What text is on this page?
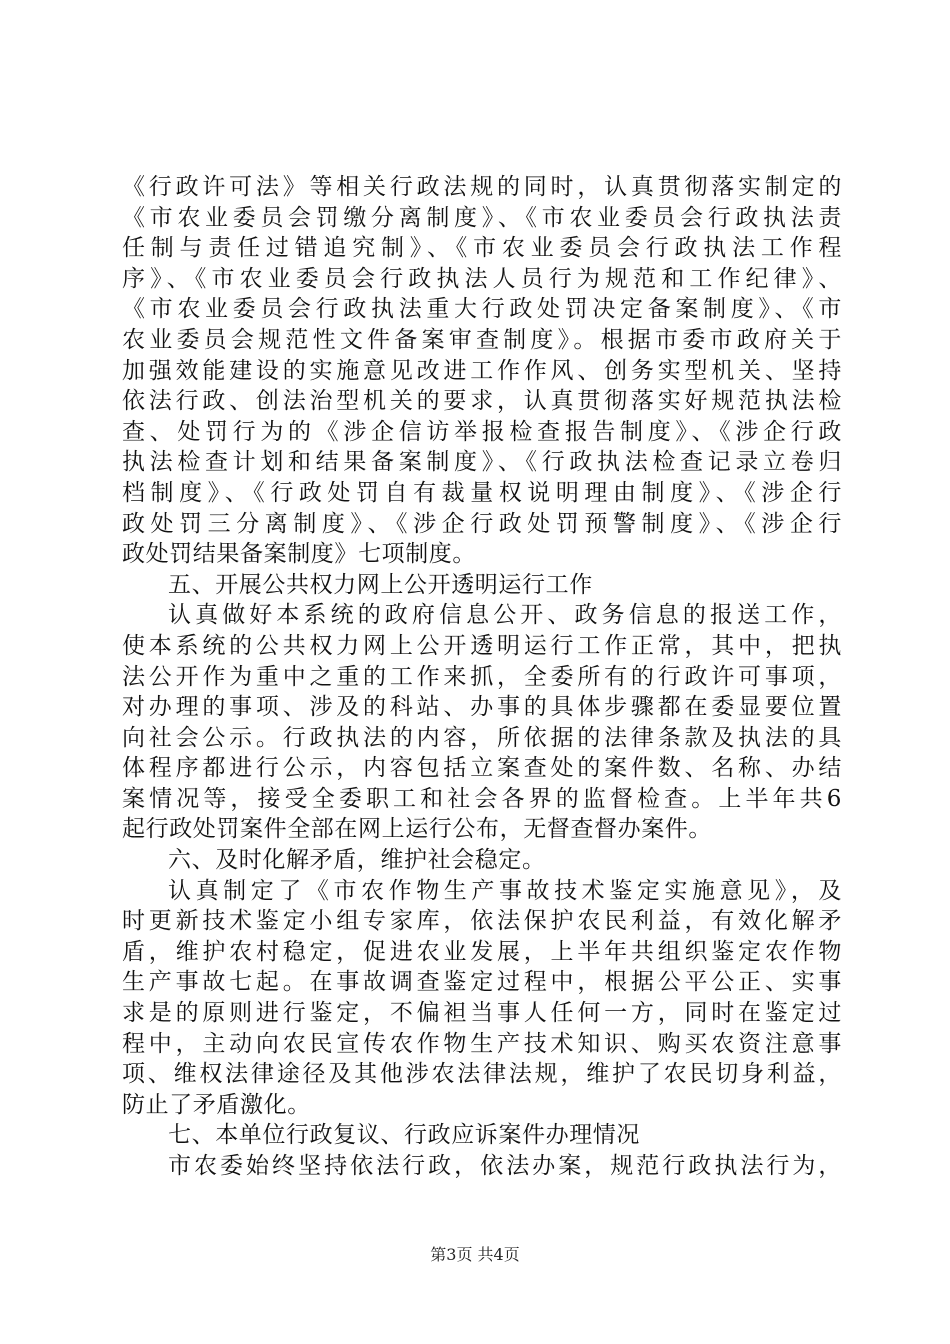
《行政许可法》等相关行政法规的同时，认真贯彻落实制定的
《市农业委员会罚缴分离制度》、《市农业委员会行政执法责
任制与责任过错追究制》、《市农业委员会行政执法工作程
序》、《市农业委员会行政执法人员行为规范和工作纪律》、
《市农业委员会行政执法重大行政处罚决定备案制度》、《市
农业委员会规范性文件备案审查制度》。根据市委市政府关于
加强效能建设的实施意见改进工作作风、创务实型机关、坚持
依法行政、创法治型机关的要求，认真贯彻落实好规范执法检
查、处罚行为的《涉企信访举报检查报告制度》、《涉企行政
执法检查计划和结果备案制度》、《行政执法检查记录立卷归
档制度》、《行政处罚自有裁量权说明理由制度》、《涉企行
政处罚三分离制度》、《涉企行政处罚预警制度》、《涉企行
政处罚结果备案制度》七项制度。
五、开展公共权力网上公开透明运行工作
认真做好本系统的政府信息公开、政务信息的报送工作，
使本系统的公共权力网上公开透明运行工作正常，其中，把执
法公开作为重中之重的工作来抓，全委所有的行政许可事项，
对办理的事项、涉及的科站、办事的具体步骤都在委显要位置
向社会公示。行政执法的内容，所依据的法律条款及执法的具
体程序都进行公示，内容包括立案查处的案件数、名称、办结
案情况等，接受全委职工和社会各界的监督检查。上半年共6
起行政处罚案件全部在网上运行公布，无督查督办案件。
六、及时化解矛盾，维护社会稳定。
认真制定了《市农作物生产事故技术鉴定实施意见》，及
时更新技术鉴定小组专家库，依法保护农民利益，有效化解矛
盾，维护农村稳定，促进农业发展，上半年共组织鉴定农作物
生产事故七起。在事故调查鉴定过程中，根据公平公正、实事
求是的原则进行鉴定，不偏袒当事人任何一方，同时在鉴定过
程中，主动向农民宣传农作物生产技术知识、购买农资注意事
项、维权法律途径及其他涉农法律法规，维护了农民切身利益，
防止了矛盾激化。
七、本单位行政复议、行政应诉案件办理情况
市农委始终坚持依法行政，依法办案，规范行政执法行为，
第3页 共4页
